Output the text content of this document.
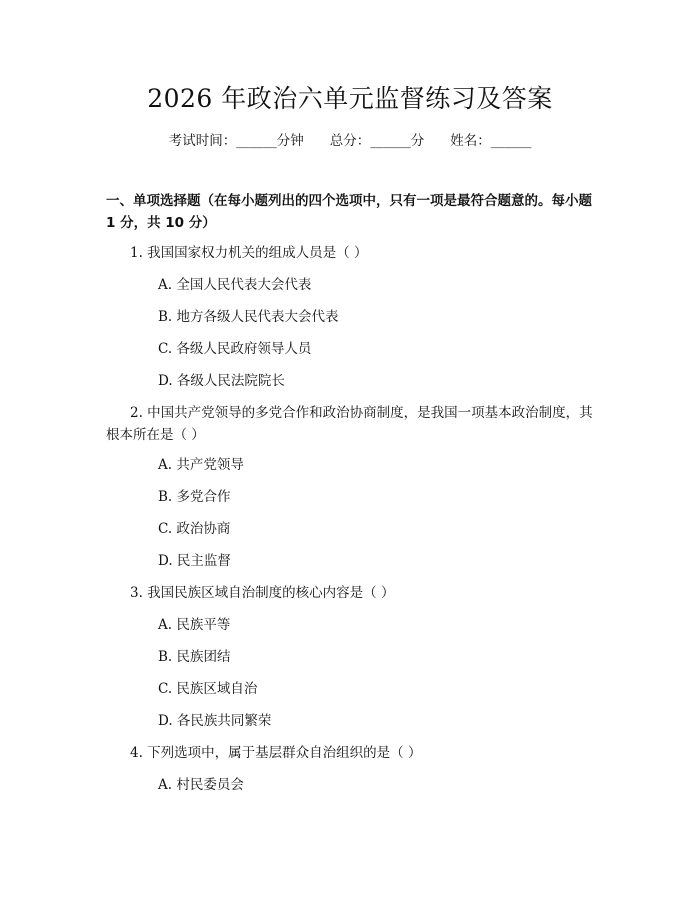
2026 年政治六单元监督练习及答案
考试时间：______分钟 总分：______分 姓名：______
一、单项选择题（在每小题列出的四个选项中，只有一项是最符合题意的。每小题 1 分，共 10 分）
1. 我国国家权力机关的组成人员是（ ）
A. 全国人民代表大会代表
B. 地方各级人民代表大会代表
C. 各级人民政府领导人员
D. 各级人民法院院长
2. 中国共产党领导的多党合作和政治协商制度，是我国一项基本政治制度，其根本所在是（ ）
A. 共产党领导
B. 多党合作
C. 政治协商
D. 民主监督
3. 我国民族区域自治制度的核心内容是（ ）
A. 民族平等
B. 民族团结
C. 民族区域自治
D. 各民族共同繁荣
4. 下列选项中，属于基层群众自治组织的是（ ）
A. 村民委员会
